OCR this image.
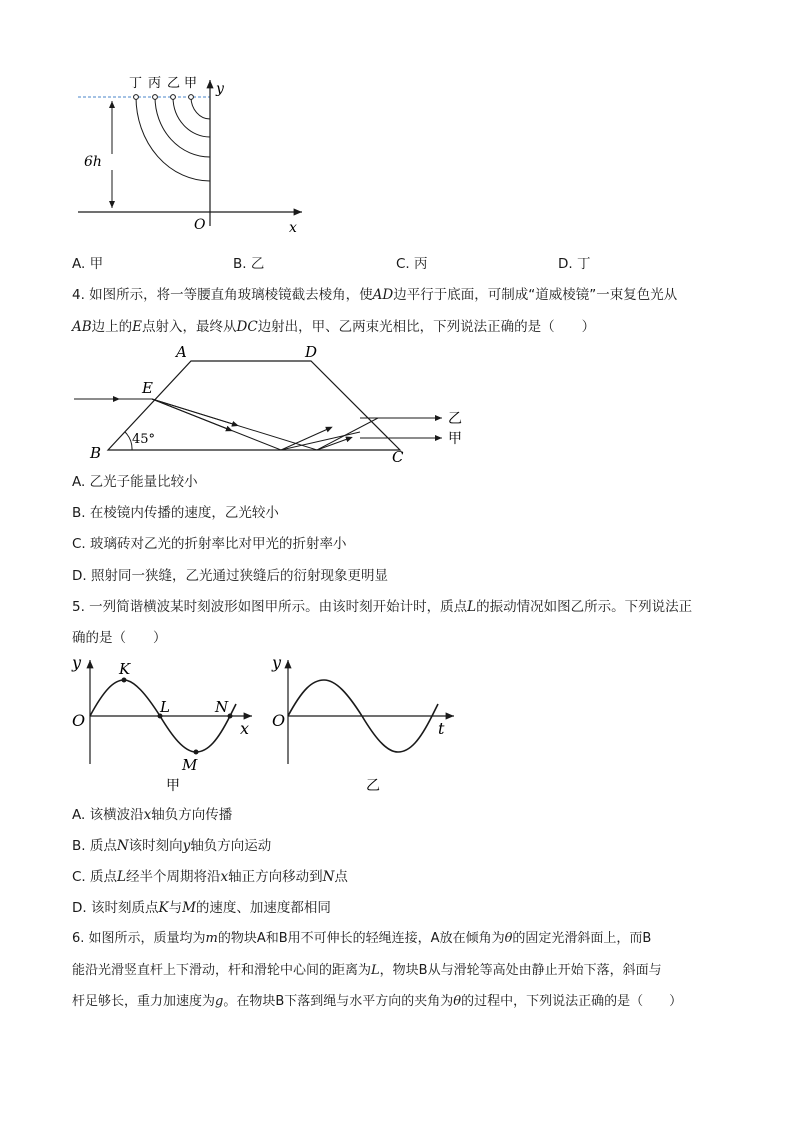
丁 丙 乙 甲 y
x
O
6h
A. 甲	B. 乙	C. 丙	D. 丁
4. 如图所示，将一等腰直角玻璃棱镜截去棱角，使AD边平行于底面，可制成“道威棱镜”一束复色光从
AB边上的E点射入，最终从DC边射出，甲、乙两束光相比，下列说法正确的是（　　）
A	D
E
B	C
45°
乙
甲
A. 乙光子能量比较小
B. 在棱镜内传播的速度，乙光较小
C. 玻璃砖对乙光的折射率比对甲光的折射率小
D. 照射同一狭缝，乙光通过狭缝后的衍射现象更明显
5. 一列简谐横波某时刻波形如图甲所示。由该时刻开始计时，质点L的振动情况如图乙所示。下列说法正
确的是（　　）
y
x
O
K
L	N
M
甲
y
t
O
乙
A. 该横波沿x轴负方向传播
B. 质点N该时刻向y轴负方向运动
C. 质点L经半个周期将沿x轴正方向移动到N点
D. 该时刻质点K与M的速度、加速度都相同
6. 如图所示，质量均为m的物块A和B用不可伸长的轻绳连接，A放在倾角为θ的固定光滑斜面上，而B
能沿光滑竖直杆上下滑动，杆和滑轮中心间的距离为L，物块B从与滑轮等高处由静止开始下落，斜面与
杆足够长，重力加速度为g。在物块B下落到绳与水平方向的夹角为θ的过程中，下列说法正确的是（　　）
